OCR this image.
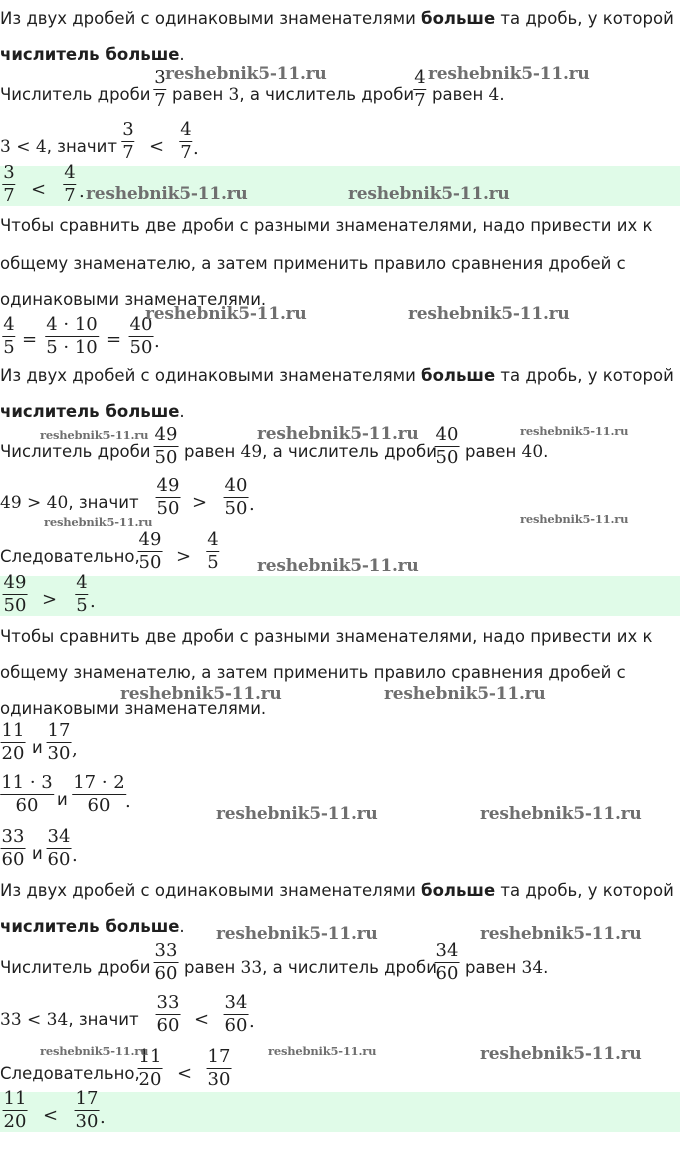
Из двух дробей с одинаковыми знаменателями больше та дробь, у которой
числитель больше.
Числитель дроби $\frac{3}{7}$ равен 3, а числитель дроби $\frac{4}{7}$ равен 4.
3 < 4, значит $\frac{3}{7} < \frac{4}{7}$ .
$\frac{3}{7} < \frac{4}{7}$ .
Чтобы сравнить две дроби с разными знаменателями, надо привести их к
общему знаменателю, а затем применить правило сравнения дробей с
одинаковыми знаменателями.
$\frac{4}{5} = \frac{4 \cdot 10}{5 \cdot 10} = \frac{40}{50}$ .
Из двух дробей с одинаковыми знаменателями больше та дробь, у которой
числитель больше.
Числитель дроби $\frac{49}{50}$ равен 49, а числитель дроби
$\frac{40}{50}$ равен 40.
49 > 40, значит $\frac{49}{50} > \frac{40}{50}$ .
Следовательно,
$\frac{49}{50} > \frac{4}{5}$
$\frac{49}{50} > \frac{4}{5}$ .
Чтобы сравнить две дроби с разными знаменателями, надо привести их к
общему знаменателю, а затем применить правило сравнения дробей с
одинаковыми знаменателями.
$\frac{11}{20}$ и $\frac{17}{30}$ ,
$\frac{11 \cdot 3}{60}$ и $\frac{17 \cdot 2}{60}$ .
$\frac{33}{60}$ и $\frac{34}{60}$ .
Из двух дробей с одинаковыми знаменателями больше та дробь, у которой
числитель больше.
Числитель дроби $\frac{33}{60}$ равен 33, а числитель дроби
$\frac{34}{60}$ равен 34.
33 < 34, значит $\frac{33}{60} < \frac{34}{60}$ .
Следовательно,
$\frac{11}{20} < \frac{17}{30}$
$\frac{11}{20} < \frac{17}{30}$ .
reshebnik5-11.ru	reshebnik5-11.ru
reshebnik5-11.ru	reshebnik5-11.ru
reshebnik5-11.ru	reshebnik5-11.ru
reshebnik5-11.ru	reshebnik5-11.ru	reshebnik5-11.ru
reshebnik5-11.ru	reshebnik5-11.ru
reshebnik5-11.ru
reshebnik5-11.ru	reshebnik5-11.ru
reshebnik5-11.ru	reshebnik5-11.ru
reshebnik5-11.ru	reshebnik5-11.ru
reshebnik5-11.ru	reshebnik5-11.ru	reshebnik5-11.ru
